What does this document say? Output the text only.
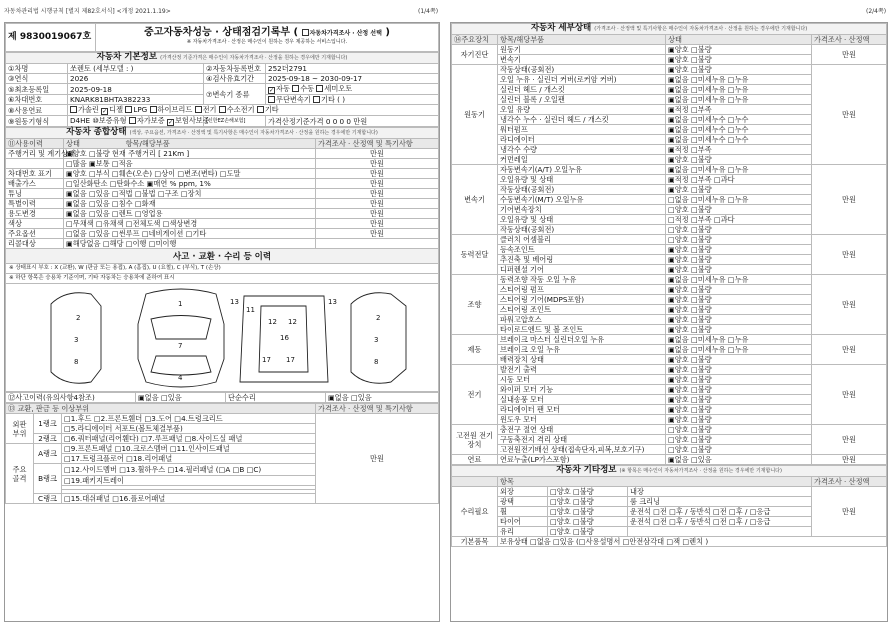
자동차관리법 시행규칙 [별지 제82호서식] <개정 2021.1.19>	(1/4쪽)	(2/4쪽)
제 9830019067호	중고자동차성능 · 상태점검기록부 ( 자동차가격조사 · 산정 선택 )
※ 자동차가격조사 · 산정은 매수인이 원하는 경우 제공하는 서비스입니다.
자동차 기본정보 (가격산정 기준가격은 매수인이 자동차가격조사 · 산정을 원하는 경우에만 기재합니다)			
①차명	쏘렌토 (세부모델 : )	②자동차등록번호	252더2791
③연식	2026	④검사유효기간	2025-09-18 ~ 2030-09-17
⑤최초등록일	2025-09-18	⑦변속기 종류	✓자동 수동 세미오토
⑥차대번호	KNARK81BHTA382233		무단변속기 기타 ( )
⑧사용연료	가솔린 ✓ 디젤 LPG 하이브리드 전기 수소전기 기타
⑨원동기형식	D4HE ⑩보증유형 자가보증 ✓ 보험사보증	[신한EZ손해보험]	가격산정기준가격 0 0 0 0 만원
자동차 종합상태 (색상, 주요옵션, 가격조사 · 산정액 및 특기사항은 매수인이 자동차가격조사 · 산정을 원하는 경우에만 기재합니다)		
⑪사용이력	상태 항목/해당부품	가격조사 · 산정액 및 특기사항
주행거리 및 계기상태	▣양호 □불량 현재 주행거리 [ 21Km ]	만원
	□많음 ▣보통 □적음	만원
차대번호 표기	▣양호 □부식 □훼손(오손) □상이 □변조(변타) □도말	만원
배출가스	□일산화탄소 □탄화수소 ▣매연 % ppm, 1%	만원
튜닝	▣없음 □있음 □적법 □불법 □구조 □장치	만원
특별이력	▣없음 □있음 □침수 □화재	만원
용도변경	▣없음 □있음 □렌트 □영업용	만원
색상	□무채색 □유채색 □전체도색 □색상변경	만원
주요옵션	□없음 □있음 □썬루프 □네비게이션 □기타	만원
리콜대상	▣해당없음 □해당 □이행 □미이행	
사고 · 교환 · 수리 등 이력
※ 상태표시 부호 : X (교환), W (판금 또는 용접), A (흠집), U (요철), C (부식), T (손상)
※ 하단 항목은 승용차 기준이며, 기타 자동차는 승용차에 준하여 표시
2
3
8
1
7
4
13
11
12 12
16
17 17
13
2
3
8
⑫사고이력(유의사항4참조)	▣없음 □있음	단순수리	▣없음 □있음
⑬ 교환, 판금 등 이상부위			가격조사 · 산정액 및 특기사항
외판 부위	1랭크	□1.후드 □2.프론트휀더 □3.도어 □4.트렁크리드	만원
		□5.라디에이터 서포트(볼트체결부품)	
	2랭크	□6.쿼터패널(리어휀다) □7.루프패널 □8.사이드실 패널	
주요 골격	A랭크	□9.프론트패널 □10.크로스멤버 □11.인사이드패널	
		□17.트렁크플로어 □18.리어패널	
	B랭크	□12.사이드멤버 □13.휠하우스 □14.필러패널 (□A □B □C)	
		□19.패키지트레이	

	C랭크	□15.대쉬패널 □16.플로어패널	
자동차 세부상태 (가격조사 · 산정액 및 특기사항은 매수인이 자동차가격조사 · 산정을 원하는 경우에만 기재합니다)			
⑭주요장치	항목/해당부품	상태	가격조사 · 산정액
자기진단	원동기	▣양호 □불량	만원
	변속기	▣양호 □불량	
원동기	작동상태(공회전)	▣양호 □불량	만원
	오일 누유 · 실린더 커버(로커암 커버)	▣없음 □미세누유 □누유	
	실린더 헤드 / 개스킷	▣없음 □미세누유 □누유	
	실린더 블록 / 오일팬	▣없음 □미세누유 □누유	
	오일 유량	▣적정 □부족	
	냉각수 누수 · 실린더 헤드 / 개스킷	▣없음 □미세누수 □누수	
	워터펌프	▣없음 □미세누수 □누수	
	라디에이터	▣없음 □미세누수 □누수	
	냉각수 수량	▣적정 □부족	
	커먼레일	▣양호 □불량	
변속기	자동변속기(A/T) 오일누유	▣없음 □미세누유 □누유	만원
	오일유량 및 상태	▣적정 □부족 □과다	
	작동상태(공회전)	▣양호 □불량	
	수동변속기(M/T) 오일누유	□없음 □미세누유 □누유	
	기어변속장치	□양호 □불량	
	오일유량 및 상태	□적정 □부족 □과다	
	작동상태(공회전)	□양호 □불량	
동력전달	클러치 어셈블리	□양호 □불량	만원
	등속조인트	▣양호 □불량	
	추진축 및 베어링	▣양호 □불량	
	디퍼렌셜 기어	▣양호 □불량	
조향	동력조향 작동 오일 누유	▣없음 □미세누유 □누유	만원
	스티어링 펌프	▣양호 □불량	
	스티어링 기어(MDPS포함)	▣양호 □불량	
	스티어링 조인트	▣양호 □불량	
	파워고압호스	▣양호 □불량	
	타이로드엔드 및 볼 조인트	▣양호 □불량	
제동	브레이크 마스터 실린더오일 누유	▣없음 □미세누유 □누유	만원
	브레이크 오일 누유	▣없음 □미세누유 □누유	
	배력장치 상태	▣양호 □불량	
전기	발전기 출력	▣양호 □불량	만원
	시동 모터	▣양호 □불량	
	와이퍼 모터 기능	▣양호 □불량	
	실내송풍 모터	▣양호 □불량	
	라디에이터 팬 모터	▣양호 □불량	
	윈도우 모터	▣양호 □불량	
고전원 전기장치	충전구 절연 상태	□양호 □불량	만원
	구동축전지 격리 상태	□양호 □불량	
	고전원전기배선 상태(접속단자,피복,보호기구)	□양호 □불량	
연료	연료누출(LP가스포함)	▣없음 □있음	만원
자동차 기타정보 (※ 항목은 매수인이 자동차가격조사 · 산정을 원하는 경우에만 기재합니다)				
	항목			가격조사 · 산정액
수리필요	외장	□양호 □불량	내장	만원
	광택	□양호 □불량	룸 크리닝	
	휠	□양호 □불량	운전석 □전 □후 / 동반석 □전 □후 / □응급	
	타이어	□양호 □불량	운전석 □전 □후 / 동반석 □전 □후 / □응급	
	유리	□양호 □불량		
기본품목	보유상태 □없음 □있음 (□사용설명서 □안전삼각대 □잭 □렌치 )			
